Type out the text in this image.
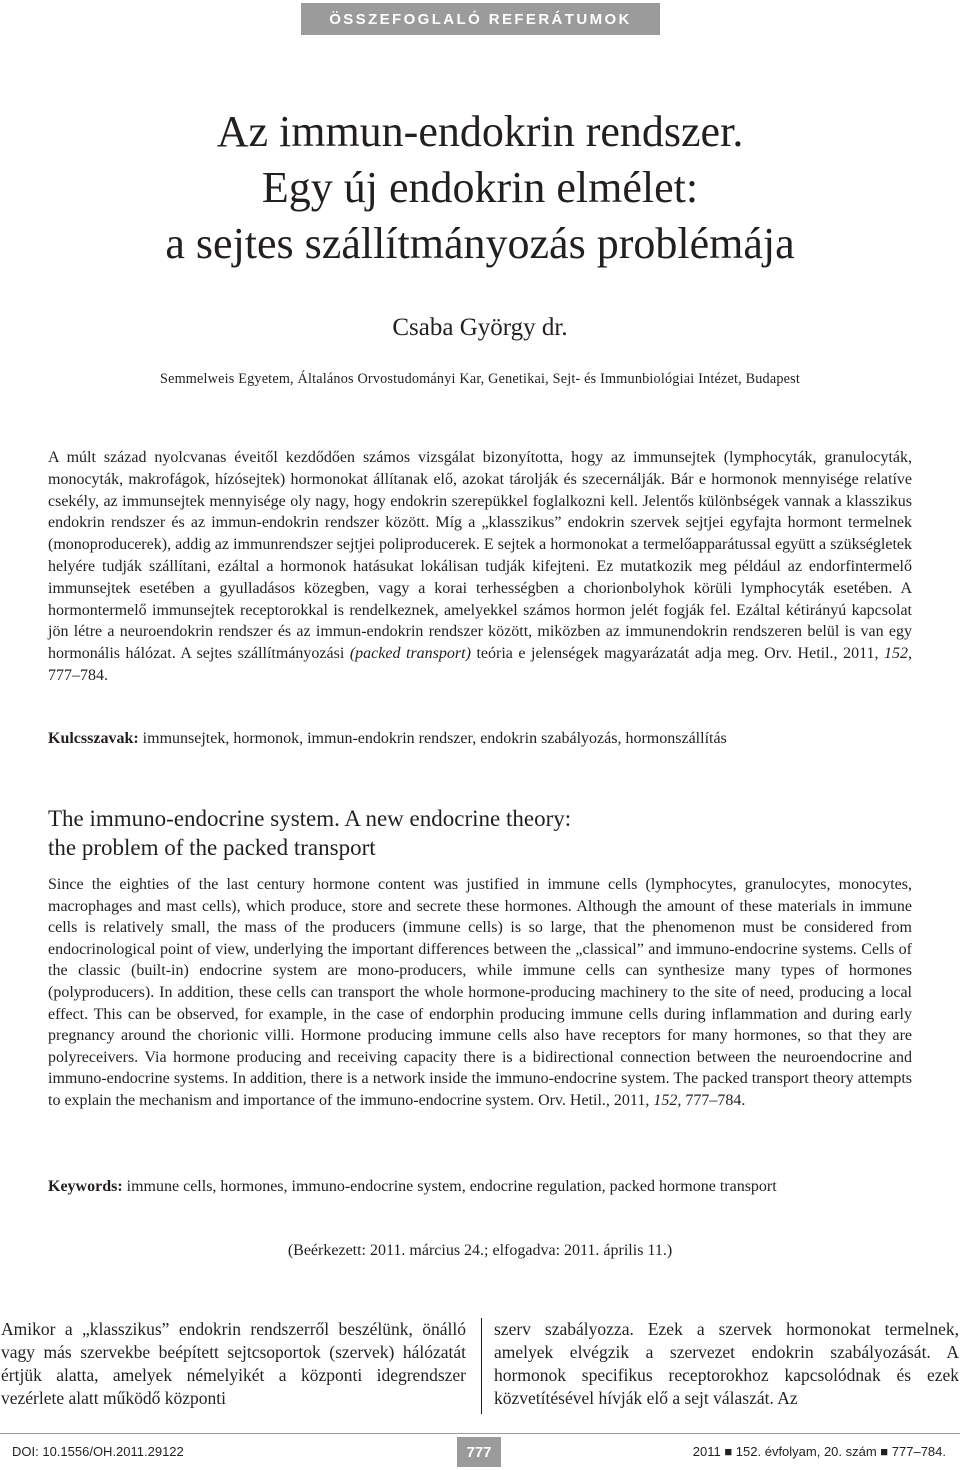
ÖSSZEFOGLALÓ REFERÁTUMOK
Az immun-endokrin rendszer.
Egy új endokrin elmélet:
a sejtes szállítmányozás problémája
Csaba György dr.
Semmelweis Egyetem, Általános Orvostudományi Kar, Genetikai, Sejt- és Immunbiológiai Intézet, Budapest

A múlt század nyolcvanas éveitől kezdődően számos vizsgálat bizonyította, hogy az immunsejtek (lymphocyták, granulocyták, monocyták, makrofágok, hízósejtek) hormonokat állítanak elő, azokat tárolják és szecernálják. Bár e hormonok mennyisége relatíve csekély, az immunsejtek mennyisége oly nagy, hogy endokrin szerepükkel foglalkozni kell. Jelentős különbségek vannak a klasszikus endokrin rendszer és az immun-endokrin rendszer között. Míg a „klasszikus” endokrin szervek sejtjei egyfajta hormont termelnek (monoproducerek), addig az immunrendszer sejtjei poliproducerek. E sejtek a hormonokat a termelőapparátussal együtt a szükségletek helyére tudják szállítani, ezáltal a hormonok hatásukat lokálisan tudják kifejteni. Ez mutatkozik meg például az endorfintermelő immunsejtek esetében a gyulladásos közegben, vagy a korai terhességben a chorionbolyhok körüli lymphocyták esetében. A hormontermelő immunsejtek receptorokkal is rendelkeznek, amelyekkel számos hormon jelét fogják fel. Ezáltal kétirányú kapcsolat jön létre a neuroendokrin rendszer és az immun-endokrin rendszer között, miközben az immunendokrin rendszeren belül is van egy hormonális hálózat. A sejtes szállítmányozási (packed transport) teória e jelenségek magyarázatát adja meg. Orv. Hetil., 2011, 152, 777–784.

Kulcsszavak: immunsejtek, hormonok, immun-endokrin rendszer, endokrin szabályozás, hormonszállítás

The immuno-endocrine system. A new endocrine theory:
the problem of the packed transport

Since the eighties of the last century hormone content was justified in immune cells (lymphocytes, granulocytes, monocytes, macrophages and mast cells), which produce, store and secrete these hormones. Although the amount of these materials in immune cells is relatively small, the mass of the producers (immune cells) is so large, that the phenomenon must be considered from endocrinological point of view, underlying the important differences between the „classical” and immuno-endocrine systems. Cells of the classic (built-in) endocrine system are mono-producers, while immune cells can synthesize many types of hormones (polyproducers). In addition, these cells can transport the whole hormone-producing machinery to the site of need, producing a local effect. This can be observed, for example, in the case of endorphin producing immune cells during inflammation and during early pregnancy around the chorionic villi. Hormone producing immune cells also have receptors for many hormones, so that they are polyreceivers. Via hormone producing and receiving capacity there is a bidirectional connection between the neuroendocrine and immuno-endocrine systems. In addition, there is a network inside the immuno-endocrine system. The packed transport theory attempts to explain the mechanism and importance of the immuno-endocrine system. Orv. Hetil., 2011, 152, 777–784.

Keywords: immune cells, hormones, immuno-endocrine system, endocrine regulation, packed hormone transport

(Beérkezett: 2011. március 24.; elfogadva: 2011. április 11.)

Amikor a „klasszikus” endokrin rendszerről beszélünk, önálló vagy más szervekbe beépített sejtcsoportok (szervek) hálózatát értjük alatta, amelyek némelyikét a központi idegrendszer vezérlete alatt működő központi

szerv szabályozza. Ezek a szervek hormonokat termelnek, amelyek elvégzik a szervezet endokrin szabályozását. A hormonok specifikus receptorokhoz kapcsolódnak és ezek közvetítésével hívják elő a sejt válaszát. Az

DOI: 10.1556/OH.2011.29122	777	2011 ■ 152. évfolyam, 20. szám ■ 777–784.
